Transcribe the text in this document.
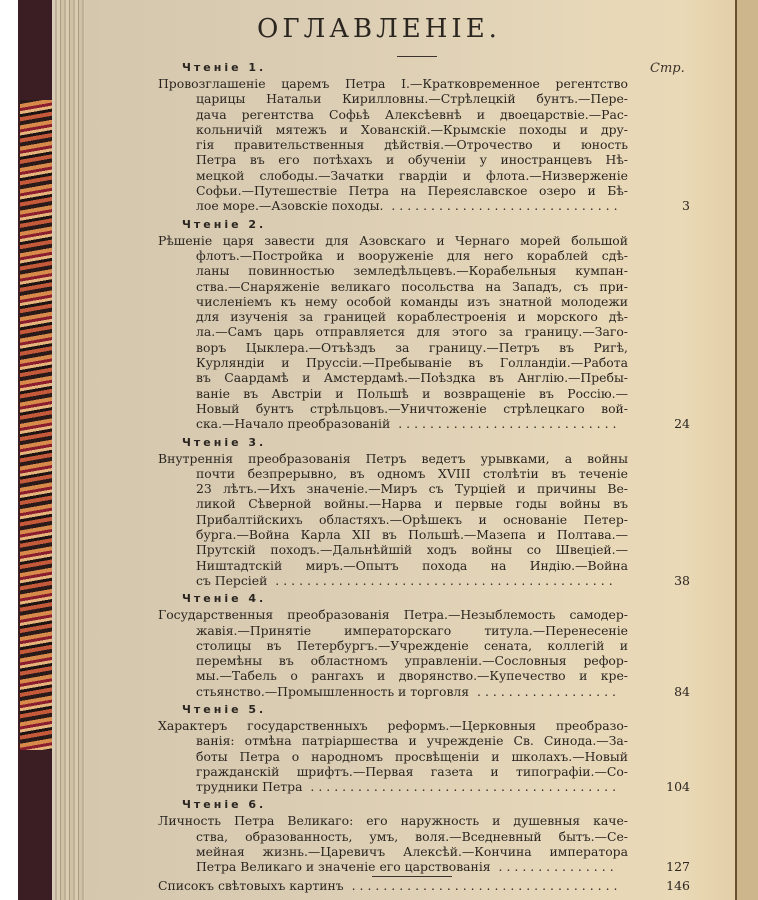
ОГЛАВЛЕНІЕ.
Стр.
Чтеніе 1.
Провозглашеніе царемъ Петра I.—Кратковременное регентство
царицы Натальи Кирилловны.—Стрѣлецкій бунтъ.—Пере-
дача регентства Софьѣ Алексѣевнѣ и двоецарствіе.—Рас-
кольничій мятежъ и Хованскій.—Крымскіе походы и дру-
гія правительственныя дѣйствія.—Отрочество и юность
Петра въ его потѣхахъ и обученіи у иностранцевъ Нѣ-
мецкой слободы.—Зачатки гвардіи и флота.—Низверженіе
Софьи.—Путешествіе Петра на Переяславское озеро и Бѣ-
лое море.—Азовскіе походы. .............................	3
Чтеніе 2.
Рѣшеніе царя завести для Азовскаго и Чернаго морей большой
флотъ.—Постройка и вооруженіе для него кораблей сдѣ-
ланы повинностью земледѣльцевъ.—Корабельныя кумпан-
ства.—Снаряженіе великаго посольства на Западъ, съ при-
численіемъ къ нему особой команды изъ знатной молодежи
для изученія за границей кораблестроенія и морского дѣ-
ла.—Самъ царь отправляется для этого за границу.—Заго-
воръ Цыклера.—Отъѣздъ за границу.—Петръ въ Ригѣ,
Курляндіи и Пруссіи.—Пребываніе въ Голландіи.—Работа
въ Саардамѣ и Амстердамѣ.—Поѣздка въ Англію.—Пребы-
ваніе въ Австріи и Польшѣ и возвращеніе въ Россію.—
Новый бунтъ стрѣльцовъ.—Уничтоженіе стрѣлецкаго вой-
ска.—Начало преобразованій ............................	24
Чтеніе 3.
Внутреннія преобразованія Петръ ведетъ урывками, а войны
почти безпрерывно, въ одномъ XVIII столѣтіи въ теченіе
23 лѣтъ.—Ихъ значеніе.—Миръ съ Турціей и причины Ве-
ликой Сѣверной войны.—Нарва и первые годы войны въ
Прибалтійскихъ областяхъ.—Орѣшекъ и основаніе Петер-
бурга.—Война Карла XII въ Польшѣ.—Мазепа и Полтава.—
Прутскій походъ.—Дальнѣйшій ходъ войны со Швеціей.—
Ништадтскій миръ.—Опытъ похода на Индію.—Война
съ Персіей ...........................................	38
Чтеніе 4.
Государственныя преобразованія Петра.—Незыблемость самодер-
жавія.—Принятіе императорскаго титула.—Перенесеніе
столицы въ Петербургъ.—Учрежденіе сената, коллегій и
перемѣны въ областномъ управленіи.—Сословныя рефор-
мы.—Табель о рангахъ и дворянство.—Купечество и кре-
стьянство.—Промышленность и торговля ..................	84
Чтеніе 5.
Характеръ государственныхъ реформъ.—Церковныя преобразо-
ванія: отмѣна патріаршества и учрежденіе Св. Синода.—За-
боты Петра о народномъ просвѣщеніи и школахъ.—Новый
гражданскій шрифтъ.—Первая газета и типографіи.—Со-
трудники Петра .......................................	104
Чтеніе 6.
Личность Петра Великаго: его наружность и душевныя каче-
ства, образованность, умъ, воля.—Вседневный бытъ.—Се-
мейная жизнь.—Царевичъ Алексѣй.—Кончина императора
Петра Великаго и значеніе его царствованія ...............	127
Списокъ свѣтовыхъ картинъ ..................................	146
